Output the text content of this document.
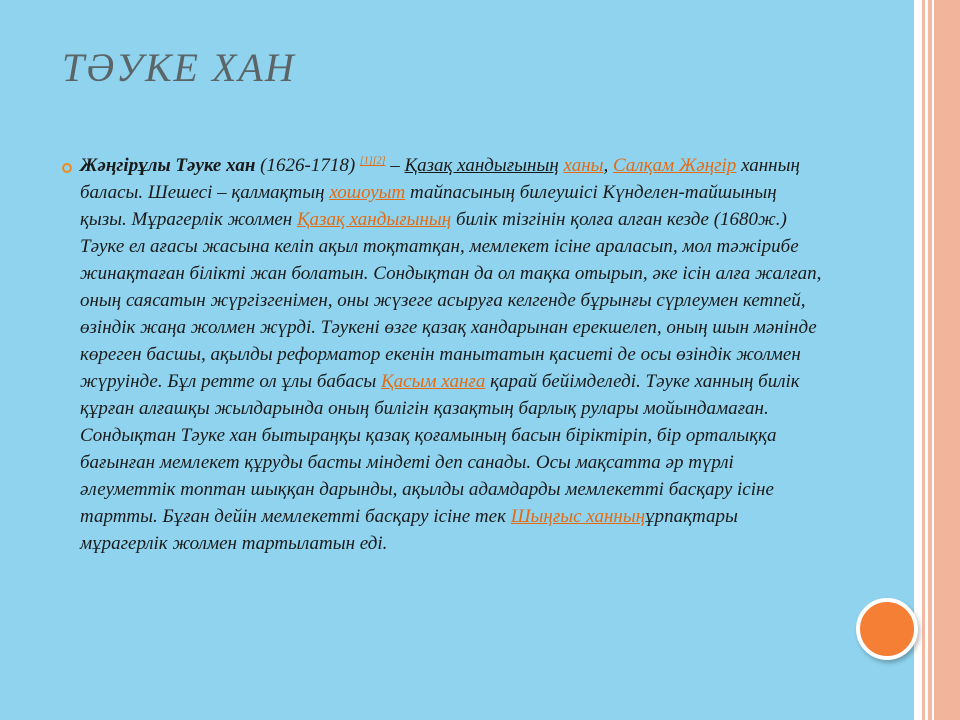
ТӘУКЕ ХАН

Жәңгірұлы Тәуке хан (1626-1718) [1][2] – Қазақ хандығының ханы, Салқам Жәңгір ханның баласы. Шешесі – қалмақтың хошоуыт тайпасының билеушісі Күнделен-тайшының қызы. Мұрагерлік жолмен Қазақ хандығының билік тізгінін қолға алған кезде (1680ж.) Тәуке ел ағасы жасына келіп ақыл тоқтатқан, мемлекет ісіне араласып, мол тәжірибе жинақтаған білікті жан болатын. Сондықтан да ол тақка отырып, әке ісін алға жалғап, оның саясатын жүргізгенімен, оны жүзеге асыруға келгенде бұрынғы сүрлеумен кетпей, өзіндік жаңа жолмен жүрді. Тәукені өзге қазақ хандарынан ерекшелеп, оның шын мәнінде көреген басшы, ақылды реформатор екенін танытатын қасиеті де осы өзіндік жолмен жүруінде. Бұл ретте ол ұлы бабасы Қасым ханға қарай бейімделеді. Тәуке ханның билік құрған алғашқы жылдарында оның билігін қазақтың барлық рулары мойындамаған. Сондықтан Тәуке хан бытыраңқы қазақ қоғамының басын біріктіріп, бір орталыққа бағынған мемлекет құруды басты міндеті деп санады. Осы мақсатта әр түрлі әлеуметтік топтан шыққан дарынды, ақылды адамдарды мемлекетті басқару ісіне тартты. Бұған дейін мемлекетті басқару ісіне тек Шыңғыс ханныңұрпақтары мұрагерлік жолмен тартылатын еді.
